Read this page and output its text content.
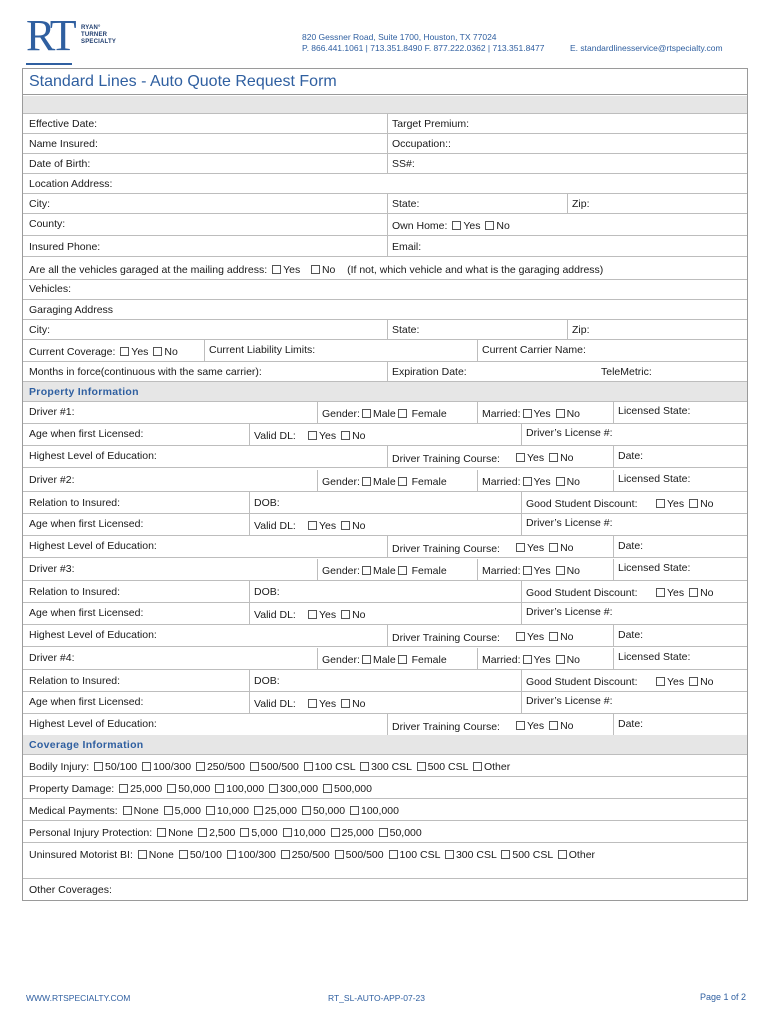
RT RYAN°
TURNER
SPECIALTY	820 Gessner Road, Suite 1700, Houston, TX 77024
P. 866.441.1061 | 713.351.8490 F. 877.222.0362 | 713.351.8477	E. standardlinesservice@rtspecialty.com
Standard Lines - Auto Quote Request Form
Effective Date:	Target Premium:
Name Insured:	Occupation::
Date of Birth:	SS#:
Location Address:
City:	State:	Zip:
County:	Own Home: Yes No
Insured Phone:	Email:
Are all the vehicles garaged at the mailing address: Yes No (If not, which vehicle and what is the garaging address)
Vehicles:
Garaging Address
City:	State:	Zip:
Current Coverage: Yes No	Current Liability Limits:	Current Carrier Name:
Months in force(continuous with the same carrier):	Expiration Date:	TeleMetric:
Property Information
Driver #1:	Gender: Male Female	Married: Yes No	Licensed State:
Age when first Licensed:	Valid DL:	Yes No	Driver’s License #:
Highest Level of Education:	Driver Training Course:	Yes No	Date:
Driver #2:	Gender: Male Female	Married: Yes No	Licensed State:
Relation to Insured:	DOB:	Good Student Discount:	Yes No
Age when first Licensed:	Valid DL:	Yes No	Driver’s License #:
Highest Level of Education:	Driver Training Course:	Yes No	Date:
Driver #3:	Gender: Male Female	Married: Yes No	Licensed State:
Relation to Insured:	DOB:	Good Student Discount:	Yes No
Age when first Licensed:	Valid DL:	Yes No	Driver’s License #:
Highest Level of Education:	Driver Training Course:	Yes No	Date:
Driver #4:	Gender: Male Female	Married: Yes No	Licensed State:
Relation to Insured:	DOB:	Good Student Discount:	Yes No
Age when first Licensed:	Valid DL:	Yes No	Driver’s License #:
Highest Level of Education:	Driver Training Course:	Yes No	Date:
Coverage Information
Bodily Injury: 50/100 100/300 250/500 500/500 100 CSL 300 CSL 500 CSL Other
Property Damage: 25,000 50,000 100,000 300,000 500,000
Medical Payments: None 5,000 10,000 25,000 50,000 100,000
Personal Injury Protection: None 2,500 5,000 10,000 25,000 50,000
Uninsured Motorist BI: None 50/100 100/300 250/500 500/500 100 CSL 300 CSL 500 CSL Other
Other Coverages:
WWW.RTSPECIALTY.COM	RT_SL-AUTO-APP-07-23	Page 1 of 2
